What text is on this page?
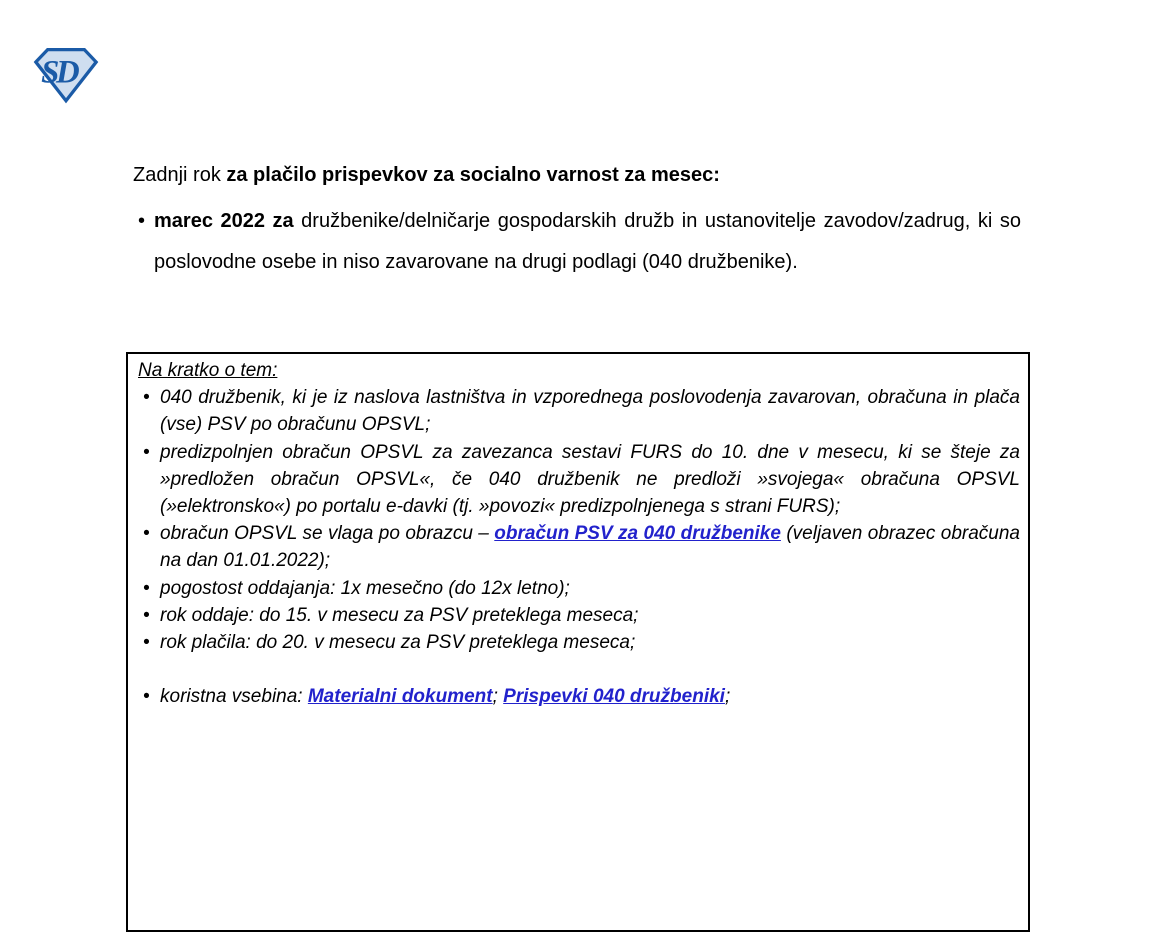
SD

Zadnji rok za plačilo prispevkov za socialno varnost za mesec:

•
marec 2022 za družbenike/delničarje gospodarskih družb in ustanovitelje zavodov/zadrug, ki so poslovodne osebe in niso zavarovane na drugi podlagi (040 družbenike).

Na kratko o tem:

•
040 družbenik, ki je iz naslova lastništva in vzporednega poslovodenja zavarovan, obračuna in plača (vse) PSV po obračunu OPSVL;
•
predizpolnjen obračun OPSVL za zavezanca sestavi FURS do 10. dne v mesecu, ki se šteje za »predložen obračun OPSVL«, če 040 družbenik ne predloži »svojega« obračuna OPSVL (»elektronsko«) po portalu e-davki (tj. »povozi« predizpolnjenega s strani FURS);
•
obračun OPSVL se vlaga po obrazcu – obračun PSV za 040 družbenike (veljaven obrazec obračuna na dan 01.01.2022);
•
pogostost oddajanja: 1x mesečno (do 12x letno);
•
rok oddaje: do 15. v mesecu za PSV preteklega meseca;
•
rok plačila: do 20. v mesecu za PSV preteklega meseca;
•
koristna vsebina: Materialni dokument; Prispevki 040 družbeniki;
